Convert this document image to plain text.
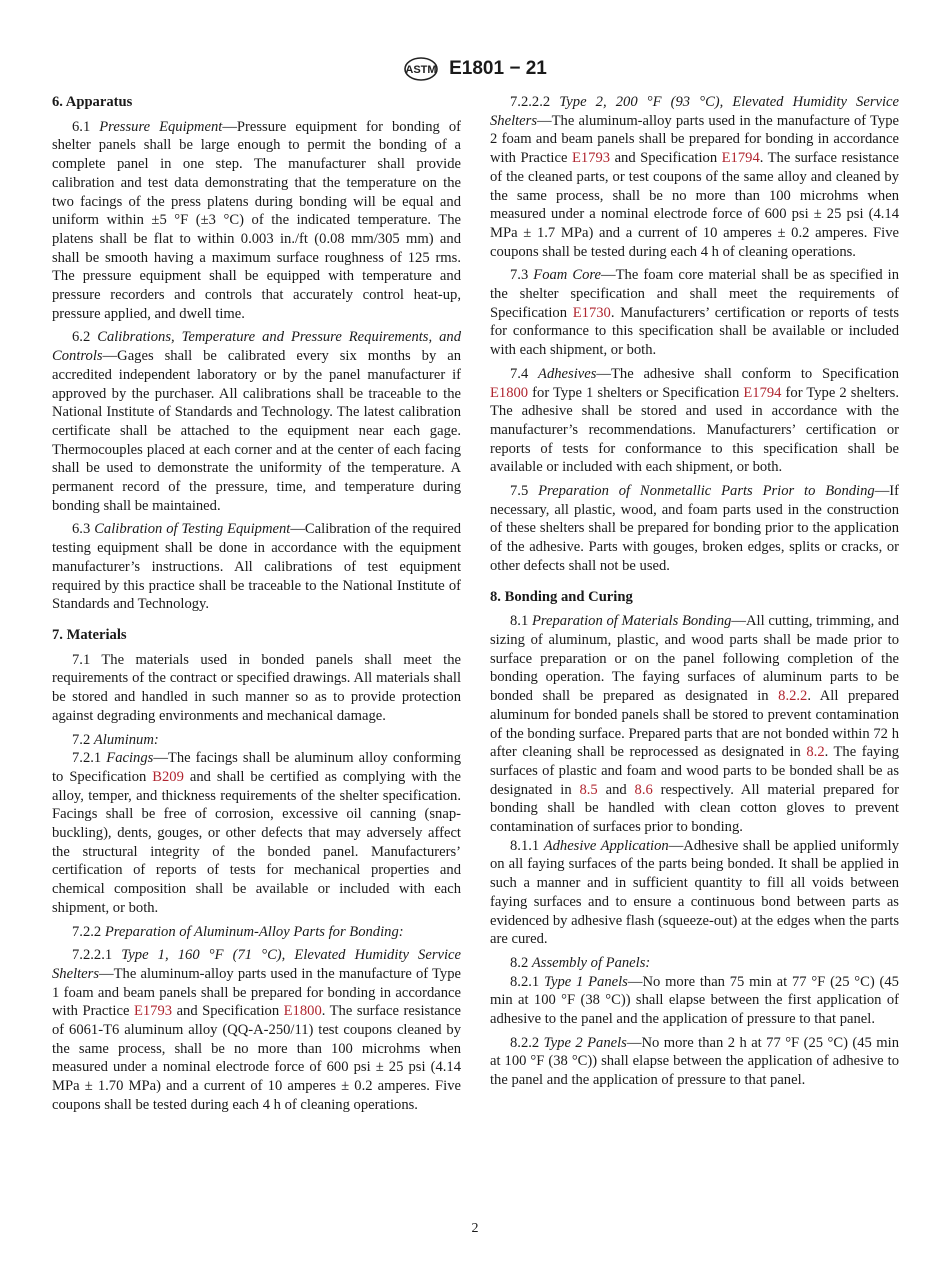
ASTM E1801 − 21
6. Apparatus
6.1 Pressure Equipment—Pressure equipment for bonding of shelter panels shall be large enough to permit the bonding of a complete panel in one step. The manufacturer shall provide calibration and test data demonstrating that the temperature on the two facings of the press platens during bonding will be equal and uniform within ±5 °F (±3 °C) of the indicated temperature. The platens shall be flat to within 0.003 in./ft (0.08 mm/305 mm) and shall be smooth having a maximum surface roughness of 125 rms. The pressure equipment shall be equipped with temperature and pressure recorders and controls that accurately control heat-up, pressure applied, and dwell time.
6.2 Calibrations, Temperature and Pressure Requirements, and Controls—Gages shall be calibrated every six months by an accredited independent laboratory or by the panel manufacturer if approved by the purchaser. All calibrations shall be traceable to the National Institute of Standards and Technology. The latest calibration certificate shall be attached to the equipment near each gage. Thermocouples placed at each corner and at the center of each facing shall be used to demonstrate the uniformity of the temperature. A permanent record of the pressure, time, and temperature during bonding shall be maintained.
6.3 Calibration of Testing Equipment—Calibration of the required testing equipment shall be done in accordance with the equipment manufacturer’s instructions. All calibrations of test equipment required by this practice shall be traceable to the National Institute of Standards and Technology.
7. Materials
7.1 The materials used in bonded panels shall meet the requirements of the contract or specified drawings. All materials shall be stored and handled in such manner so as to provide protection against degrading environments and mechanical damage.
7.2 Aluminum:
7.2.1 Facings—The facings shall be aluminum alloy conforming to Specification B209 and shall be certified as complying with the alloy, temper, and thickness requirements of the shelter specification. Facings shall be free of corrosion, excessive oil canning (snap-buckling), dents, gouges, or other defects that may adversely affect the structural integrity of the bonded panel. Manufacturers’ certification of reports of tests for mechanical properties and chemical composition shall be available or included with each shipment, or both.
7.2.2 Preparation of Aluminum-Alloy Parts for Bonding:
7.2.2.1 Type 1, 160 °F (71 °C), Elevated Humidity Service Shelters—The aluminum-alloy parts used in the manufacture of Type 1 foam and beam panels shall be prepared for bonding in accordance with Practice E1793 and Specification E1800. The surface resistance of 6061-T6 aluminum alloy (QQ-A-250/11) test coupons cleaned by the same process, shall be no more than 100 microhms when measured under a nominal electrode force of 600 psi ± 25 psi (4.14 MPa ± 1.70 MPa) and a current of 10 amperes ± 0.2 amperes. Five coupons shall be tested during each 4 h of cleaning operations.
7.2.2.2 Type 2, 200 °F (93 °C), Elevated Humidity Service Shelters—The aluminum-alloy parts used in the manufacture of Type 2 foam and beam panels shall be prepared for bonding in accordance with Practice E1793 and Specification E1794. The surface resistance of the cleaned parts, or test coupons of the same alloy and cleaned by the same process, shall be no more than 100 microhms when measured under a nominal electrode force of 600 psi ± 25 psi (4.14 MPa ± 1.7 MPa) and a current of 10 amperes ± 0.2 amperes. Five coupons shall be tested during each 4 h of cleaning operations.
7.3 Foam Core—The foam core material shall be as specified in the shelter specification and shall meet the requirements of Specification E1730. Manufacturers’ certification or reports of tests for conformance to this specification shall be available or included with each shipment, or both.
7.4 Adhesives—The adhesive shall conform to Specification E1800 for Type 1 shelters or Specification E1794 for Type 2 shelters. The adhesive shall be stored and used in accordance with the manufacturer’s recommendations. Manufacturers’ certification or reports of tests for conformance to this specification shall be available or included with each shipment, or both.
7.5 Preparation of Nonmetallic Parts Prior to Bonding—If necessary, all plastic, wood, and foam parts used in the construction of these shelters shall be prepared for bonding prior to the application of the adhesive. Parts with gouges, broken edges, splits or cracks, or other defects shall not be used.
8. Bonding and Curing
8.1 Preparation of Materials Bonding—All cutting, trimming, and sizing of aluminum, plastic, and wood parts shall be made prior to surface preparation or on the panel following completion of the bonding operation. The faying surfaces of aluminum parts to be bonded shall be prepared as designated in 8.2.2. All prepared aluminum for bonded panels shall be stored to prevent contamination of the bonding surface. Prepared parts that are not bonded within 72 h after cleaning shall be reprocessed as designated in 8.2. The faying surfaces of plastic and foam and wood parts to be bonded shall be as designated in 8.5 and 8.6 respectively. All material prepared for bonding shall be handled with clean cotton gloves to prevent contamination of surfaces prior to bonding.
8.1.1 Adhesive Application—Adhesive shall be applied uniformly on all faying surfaces of the parts being bonded. It shall be applied in such a manner and in sufficient quantity to fill all voids between faying surfaces and to ensure a continuous bond between parts as evidenced by adhesive flash (squeeze-out) at the edges when the parts are cured.
8.2 Assembly of Panels:
8.2.1 Type 1 Panels—No more than 75 min at 77 °F (25 °C) (45 min at 100 °F (38 °C)) shall elapse between the first application of adhesive to the panel and the application of pressure to that panel.
8.2.2 Type 2 Panels—No more than 2 h at 77 °F (25 °C) (45 min at 100 °F (38 °C)) shall elapse between the application of adhesive to the panel and the application of pressure to that panel.
2
